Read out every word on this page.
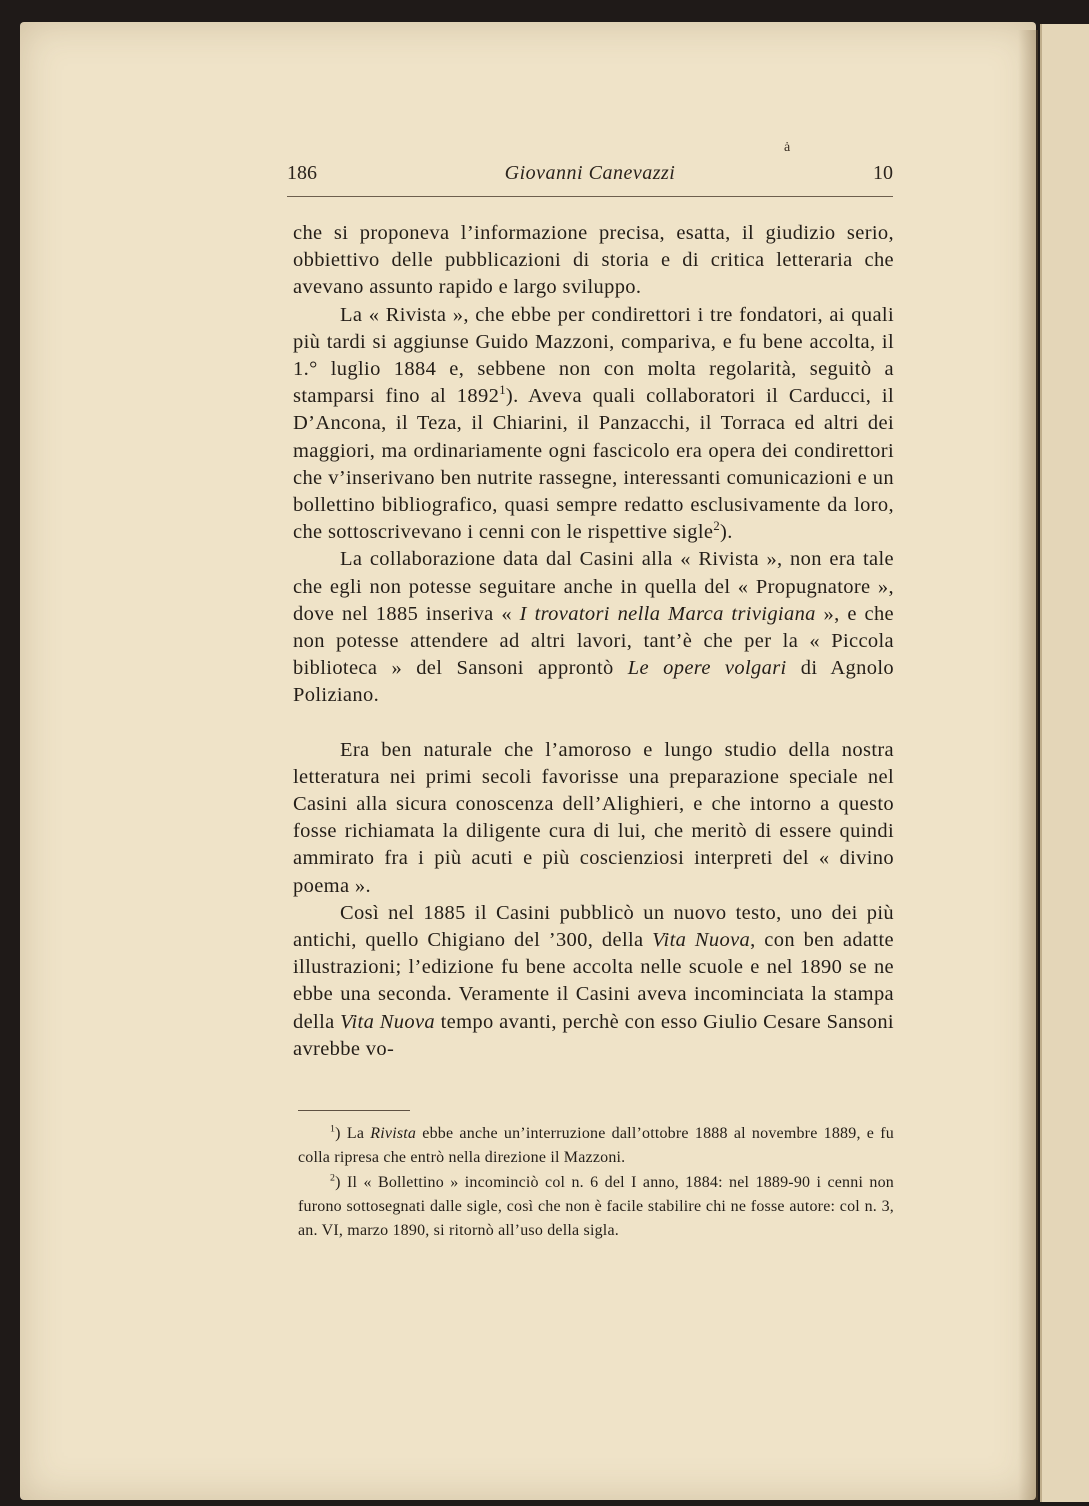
ȧ
186	Giovanni Canevazzi	10

che si proponeva l’informazione precisa, esatta, il giudizio serio, obbiettivo delle pubblicazioni di storia e di critica letteraria che avevano assunto rapido e largo sviluppo.

La « Rivista », che ebbe per condirettori i tre fondatori, ai quali più tardi si aggiunse Guido Mazzoni, compariva, e fu bene accolta, il 1.° luglio 1884 e, sebbene non con molta regolarità, seguitò a stamparsi fino al 1892$^1$). Aveva quali collaboratori il Carducci, il D’Ancona, il Teza, il Chiarini, il Panzacchi, il Torraca ed altri dei maggiori, ma ordinariamente ogni fascicolo era opera dei condirettori che v’inserivano ben nutrite rassegne, interessanti comunicazioni e un bollettino bibliografico, quasi sempre redatto esclusivamente da loro, che sottoscrivevano i cenni con le rispettive sigle$^2$).

La collaborazione data dal Casini alla « Rivista », non era tale che egli non potesse seguitare anche in quella del « Propugnatore », dove nel 1885 inseriva « I trovatori nella Marca trivigiana », e che non potesse attendere ad altri lavori, tant’è che per la « Piccola biblioteca » del Sansoni approntò Le opere volgari di Agnolo Poliziano.

Era ben naturale che l’amoroso e lungo studio della nostra letteratura nei primi secoli favorisse una preparazione speciale nel Casini alla sicura conoscenza dell’Alighieri, e che intorno a questo fosse richiamata la diligente cura di lui, che meritò di essere quindi ammirato fra i più acuti e più coscienziosi interpreti del « divino poema ».

Così nel 1885 il Casini pubblicò un nuovo testo, uno dei più antichi, quello Chigiano del ’300, della Vita Nuova, con ben adatte illustrazioni; l’edizione fu bene accolta nelle scuole e nel 1890 se ne ebbe una seconda. Veramente il Casini aveva incominciata la stampa della Vita Nuova tempo avanti, perchè con esso Giulio Cesare Sansoni avrebbe vo-

$^1$) La Rivista ebbe anche un’interruzione dall’ottobre 1888 al novembre 1889, e fu colla ripresa che entrò nella direzione il Mazzoni.

$^2$) Il « Bollettino » incominciò col n. 6 del I anno, 1884: nel 1889-90 i cenni non furono sottosegnati dalle sigle, così che non è facile stabilire chi ne fosse autore: col n. 3, an. VI, marzo 1890, si ritornò all’uso della sigla.
